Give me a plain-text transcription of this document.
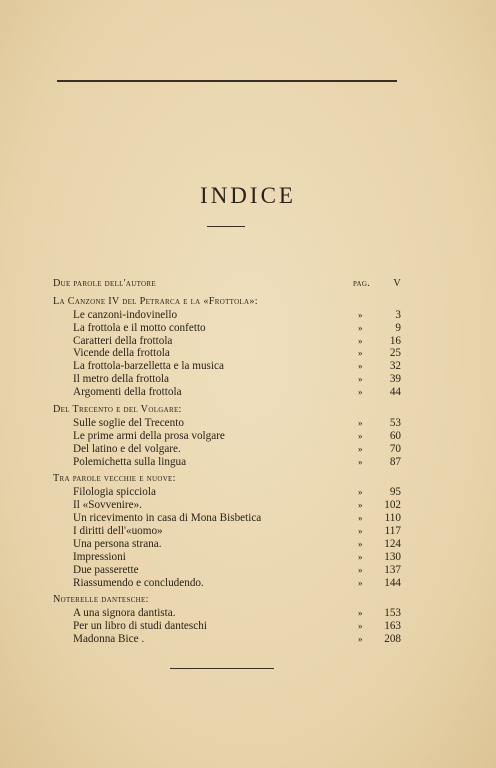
INDICE
Due parole dell'autore	pag. V
La Canzone IV del Petrarca e la «Frottola»:
Le canzoni-indovinello	»	3
La frottola e il motto confetto	»	9
Caratteri della frottola	» 16
Vicende della frottola	» 25
La frottola-barzelletta e la musica	» 32
Il metro della frottola	» 39
Argomenti della frottola	» 44
Del Trecento e del Volgare:
Sulle soglie del Trecento	» 53
Le prime armi della prosa volgare	» 60
Del latino e del volgare.	» 70
Polemichetta sulla lingua	» 87
Tra parole vecchie e nuove:
Filologia spicciola	» 95
Il «Sovvenire».	» 102
Un ricevimento in casa di Mona Bisbetica	» 110
I diritti dell'«uomo»	» 117
Una persona strana.	» 124
Impressioni	» 130
Due passerette	» 137
Riassumendo e concludendo.	» 144
Noterelle dantesche:
A una signora dantista.	» 153
Per un libro di studi danteschi	» 163
Madonna Bice .	» 208
